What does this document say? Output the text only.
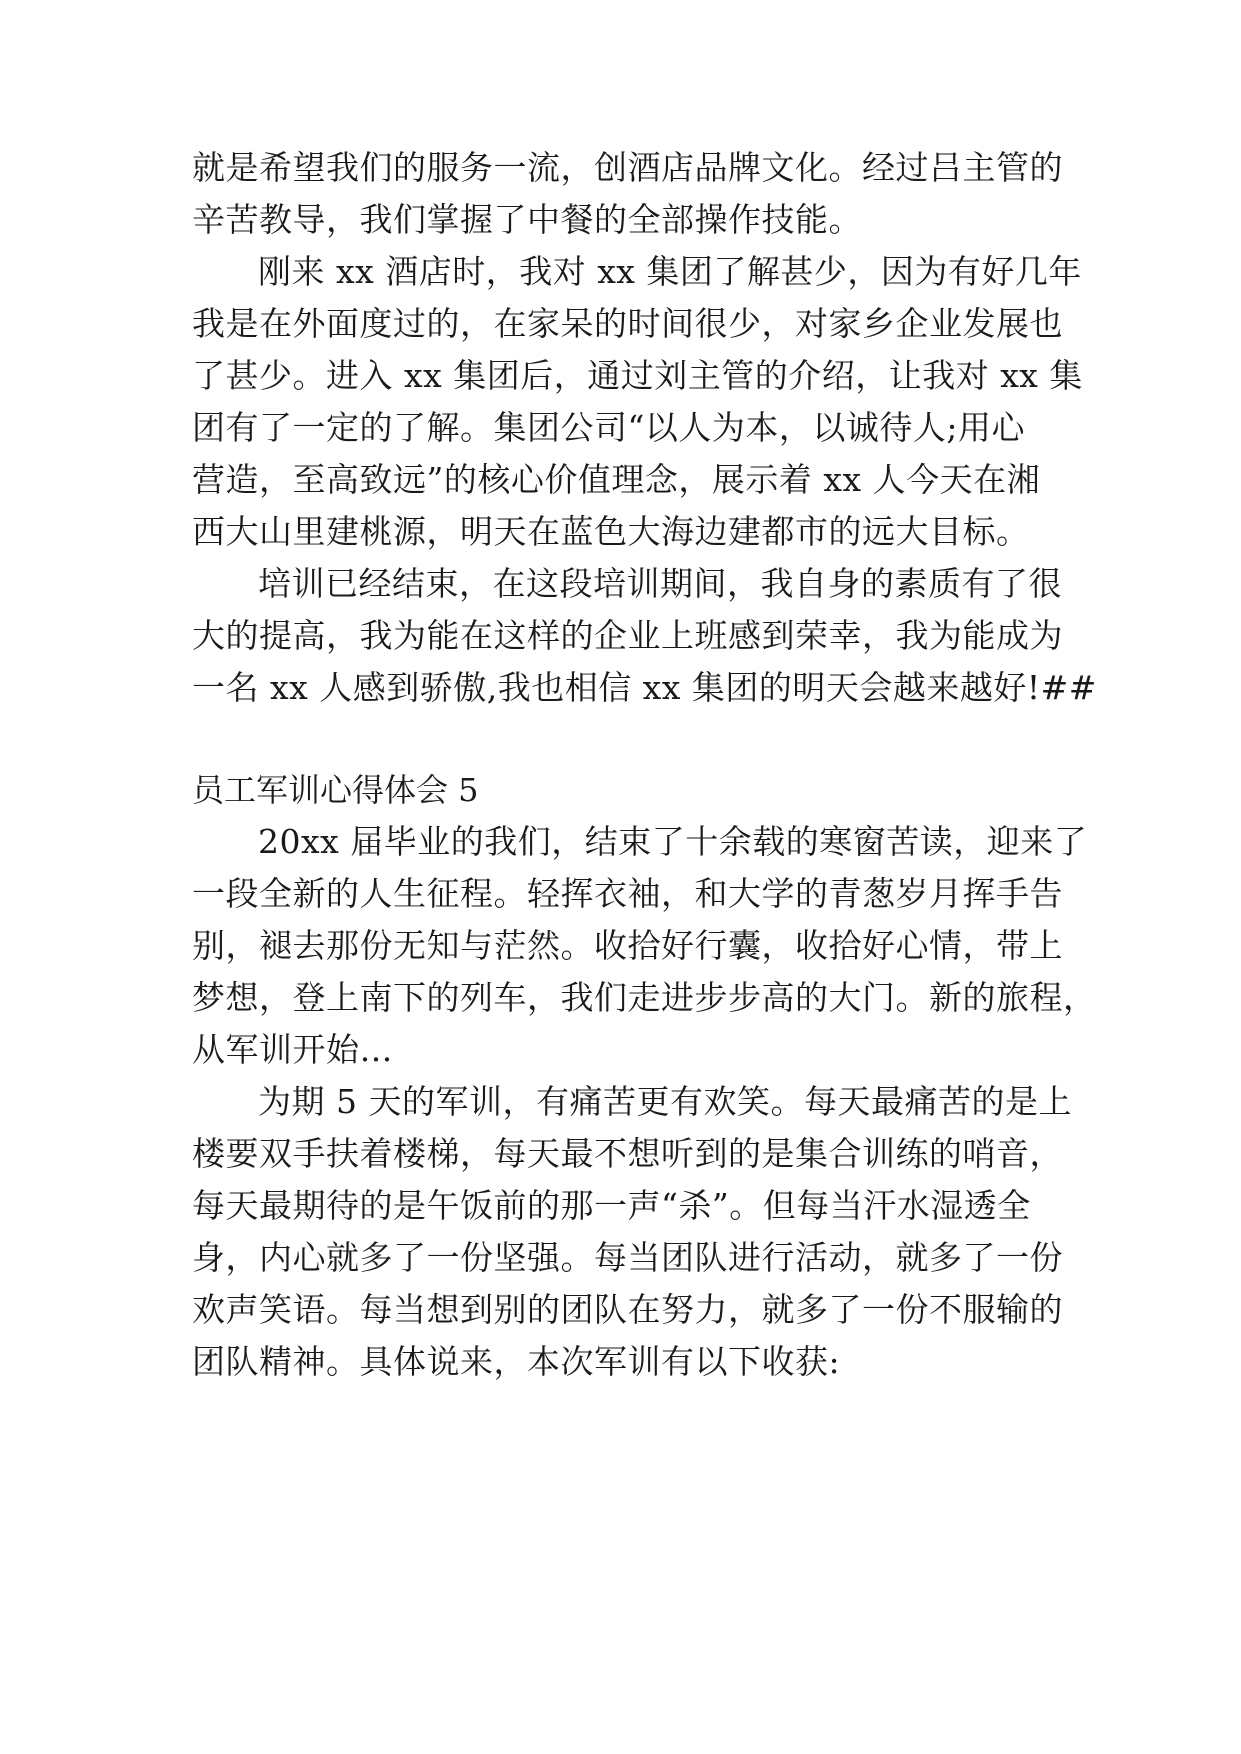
就是希望我们的服务一流，创酒店品牌文化。经过吕主管的
辛苦教导，我们掌握了中餐的全部操作技能。
刚来 xx 酒店时，我对 xx 集团了解甚少，因为有好几年
我是在外面度过的，在家呆的时间很少，对家乡企业发展也
了甚少。进入 xx 集团后，通过刘主管的介绍，让我对 xx 集
团有了一定的了解。集团公司“以人为本，以诚待人;用心
营造，至高致远”的核心价值理念，展示着 xx 人今天在湘
西大山里建桃源，明天在蓝色大海边建都市的远大目标。
培训已经结束，在这段培训期间，我自身的素质有了很
大的提高，我为能在这样的企业上班感到荣幸，我为能成为
一名 xx 人感到骄傲,我也相信 xx 集团的明天会越来越好!##
员工军训心得体会 5
20xx 届毕业的我们，结束了十余载的寒窗苦读，迎来了
一段全新的人生征程。轻挥衣袖，和大学的青葱岁月挥手告
别，褪去那份无知与茫然。收拾好行囊，收拾好心情，带上
梦想，登上南下的列车，我们走进步步高的大门。新的旅程，
从军训开始…
为期 5 天的军训，有痛苦更有欢笑。每天最痛苦的是上
楼要双手扶着楼梯，每天最不想听到的是集合训练的哨音，
每天最期待的是午饭前的那一声“杀”。但每当汗水湿透全
身，内心就多了一份坚强。每当团队进行活动，就多了一份
欢声笑语。每当想到别的团队在努力，就多了一份不服输的
团队精神。具体说来，本次军训有以下收获:
